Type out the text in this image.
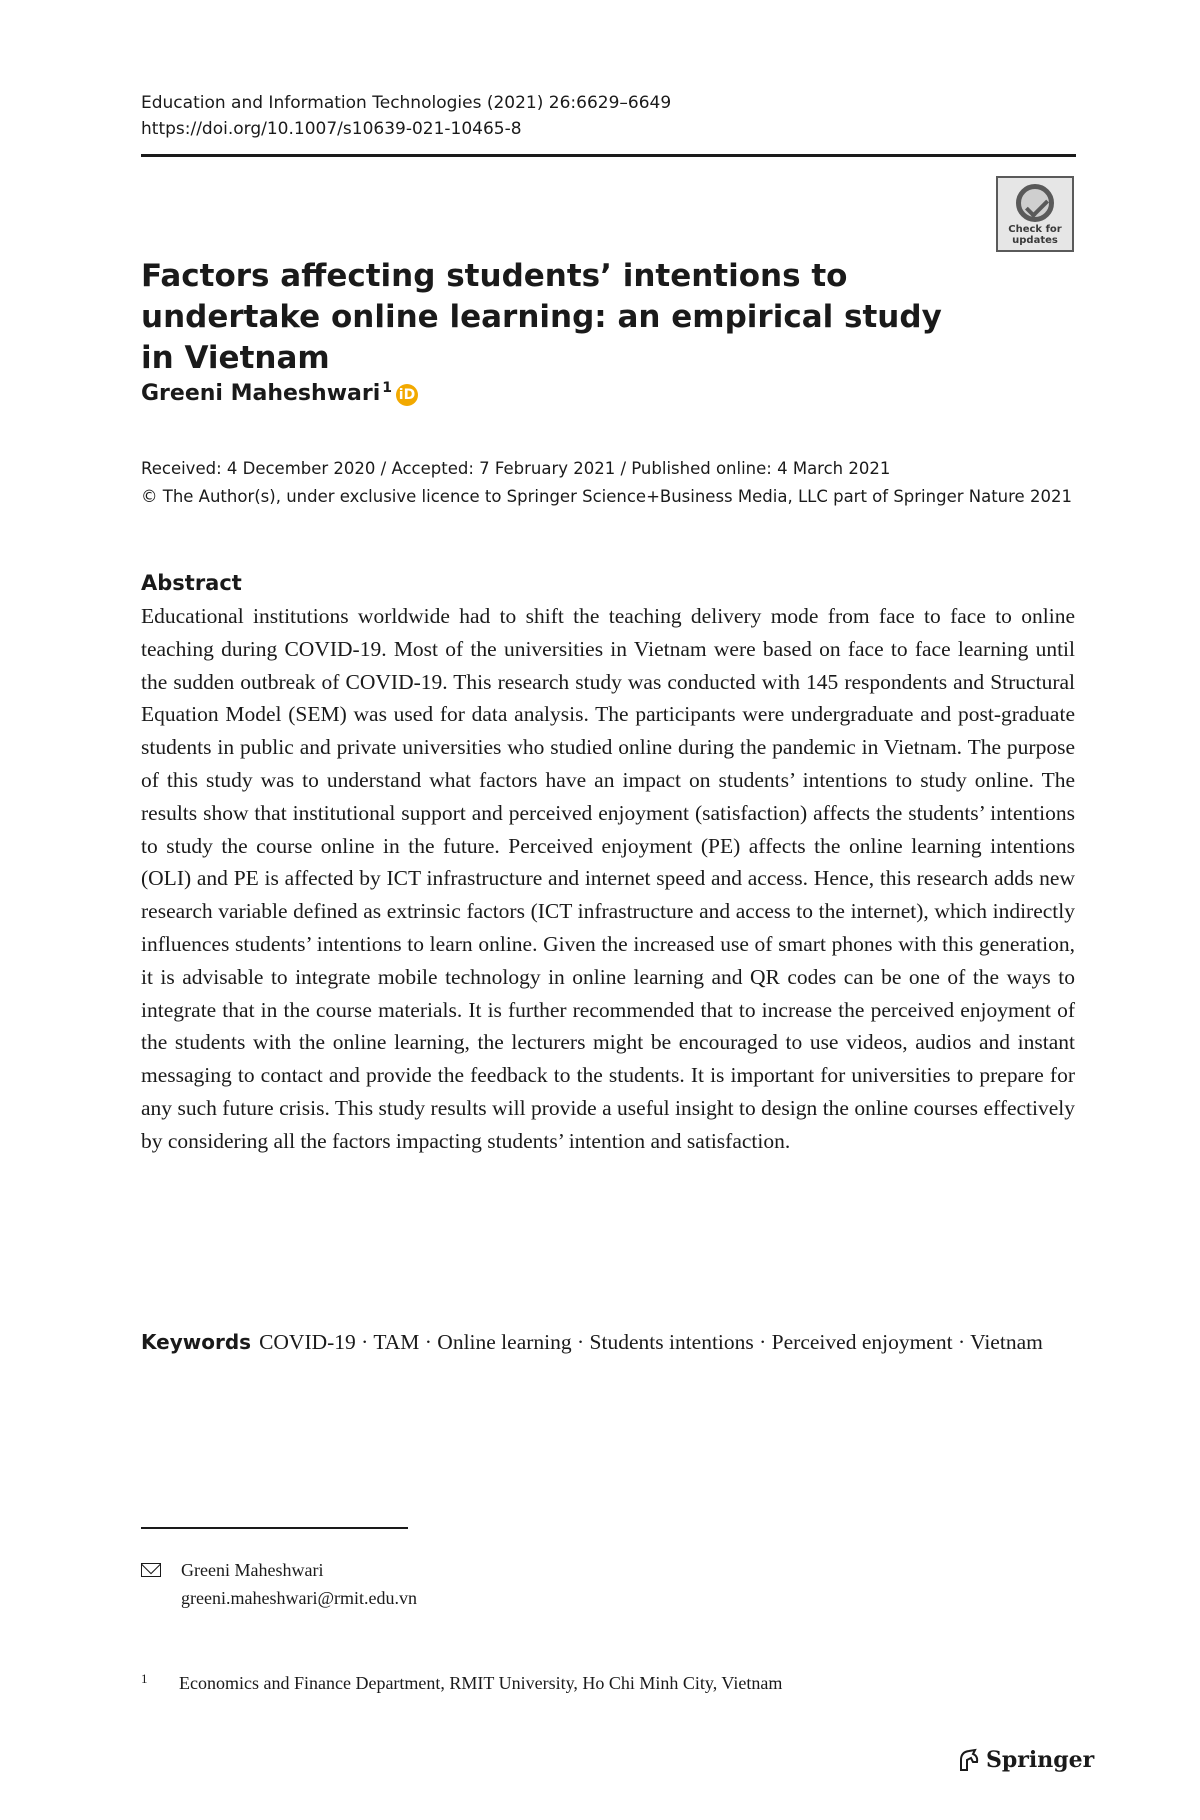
Education and Information Technologies (2021) 26:6629–6649
https://doi.org/10.1007/s10639-021-10465-8
Check for updates
Factors affecting students’ intentions to undertake online learning: an empirical study in Vietnam
Greeni Maheshwari$^1$ iD
Received: 4 December 2020 / Accepted: 7 February 2021 / Published online: 4 March 2021
© The Author(s), under exclusive licence to Springer Science+Business Media, LLC part of Springer Nature 2021
Abstract

Educational institutions worldwide had to shift the teaching delivery mode from face to face to online teaching during COVID-19. Most of the universities in Vietnam were based on face to face learning until the sudden outbreak of COVID-19. This research study was conducted with 145 respondents and Structural Equation Model (SEM) was used for data analysis. The participants were undergraduate and post-graduate students in public and private universities who studied online during the pandemic in Vietnam. The purpose of this study was to understand what factors have an impact on students’ intentions to study online. The results show that institutional support and perceived enjoyment (satisfaction) affects the students’ intentions to study the course online in the future. Perceived enjoyment (PE) affects the online learning intentions (OLI) and PE is affected by ICT infrastructure and internet speed and access. Hence, this research adds new research variable defined as extrinsic factors (ICT infrastructure and access to the internet), which indirectly influences students’ intentions to learn online. Given the increased use of smart phones with this generation, it is advisable to integrate mobile technology in online learning and QR codes can be one of the ways to integrate that in the course materials. It is further recommended that to increase the perceived enjoyment of the students with the online learning, the lecturers might be encouraged to use videos, audios and instant messaging to contact and provide the feedback to the students. It is important for universities to prepare for any such future crisis. This study results will provide a useful insight to design the online courses effectively by considering all the factors impacting students’ intention and satisfaction.

Keywords COVID-19 · TAM · Online learning · Students intentions · Perceived enjoyment · Vietnam
Greeni Maheshwari
greeni.maheshwari@rmit.edu.vn
1	Economics and Finance Department, RMIT University, Ho Chi Minh City, Vietnam
Springer
